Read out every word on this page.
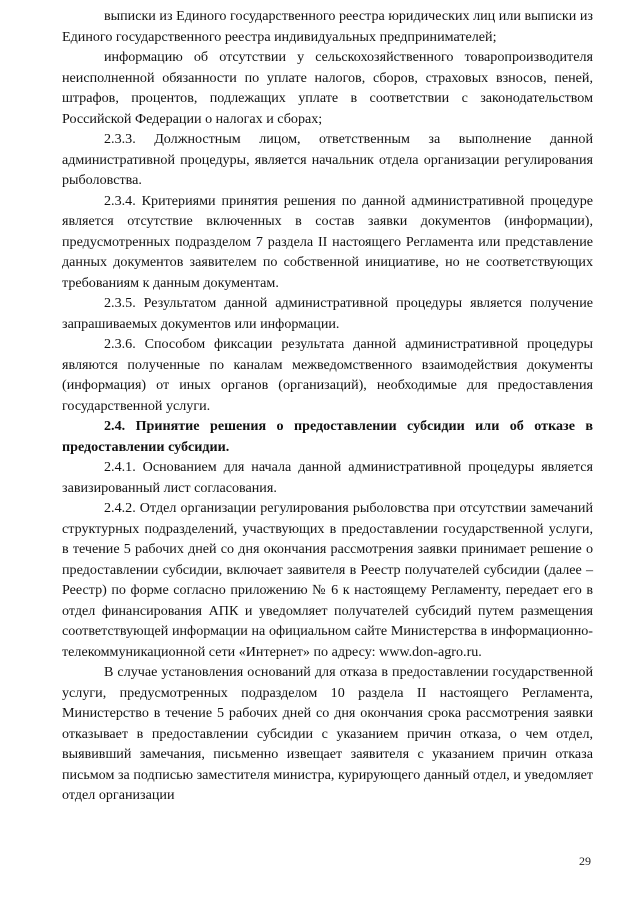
выписки из Единого государственного реестра юридических лиц или выписки из Единого государственного реестра индивидуальных предпринимателей;

информацию об отсутствии у сельскохозяйственного товаропроизводителя неисполненной обязанности по уплате налогов, сборов, страховых взносов, пеней, штрафов, процентов, подлежащих уплате в соответствии с законодательством Российской Федерации о налогах и сборах;

2.3.3. Должностным лицом, ответственным за выполнение данной административной процедуры, является начальник отдела организации регулирования рыболовства.

2.3.4. Критериями принятия решения по данной административной процедуре является отсутствие включенных в состав заявки документов (информации), предусмотренных подразделом 7 раздела II настоящего Регламента или представление данных документов заявителем по собственной инициативе, но не соответствующих требованиям к данным документам.

2.3.5. Результатом данной административной процедуры является получение запрашиваемых документов или информации.

2.3.6. Способом фиксации результата данной административной процедуры являются полученные по каналам межведомственного взаимодействия документы (информация) от иных органов (организаций), необходимые для предоставления государственной услуги.

2.4. Принятие решения о предоставлении субсидии или об отказе в предоставлении субсидии.

2.4.1. Основанием для начала данной административной процедуры является завизированный лист согласования.

2.4.2. Отдел организации регулирования рыболовства при отсутствии замечаний структурных подразделений, участвующих в предоставлении государственной услуги, в течение 5 рабочих дней со дня окончания рассмотрения заявки принимает решение о предоставлении субсидии, включает заявителя в Реестр получателей субсидии (далее – Реестр) по форме согласно приложению № 6 к настоящему Регламенту, передает его в отдел финансирования АПК и уведомляет получателей субсидий путем размещения соответствующей информации на официальном сайте Министерства в информационно-телекоммуникационной сети «Интернет» по адресу: www.don-agro.ru.

В случае установления оснований для отказа в предоставлении государственной услуги, предусмотренных подразделом 10 раздела II настоящего Регламента, Министерство в течение 5 рабочих дней со дня окончания срока рассмотрения заявки отказывает в предоставлении субсидии с указанием причин отказа, о чем отдел, выявивший замечания, письменно извещает заявителя с указанием причин отказа письмом за подписью заместителя министра, курирующего данный отдел, и уведомляет отдел организации

29
